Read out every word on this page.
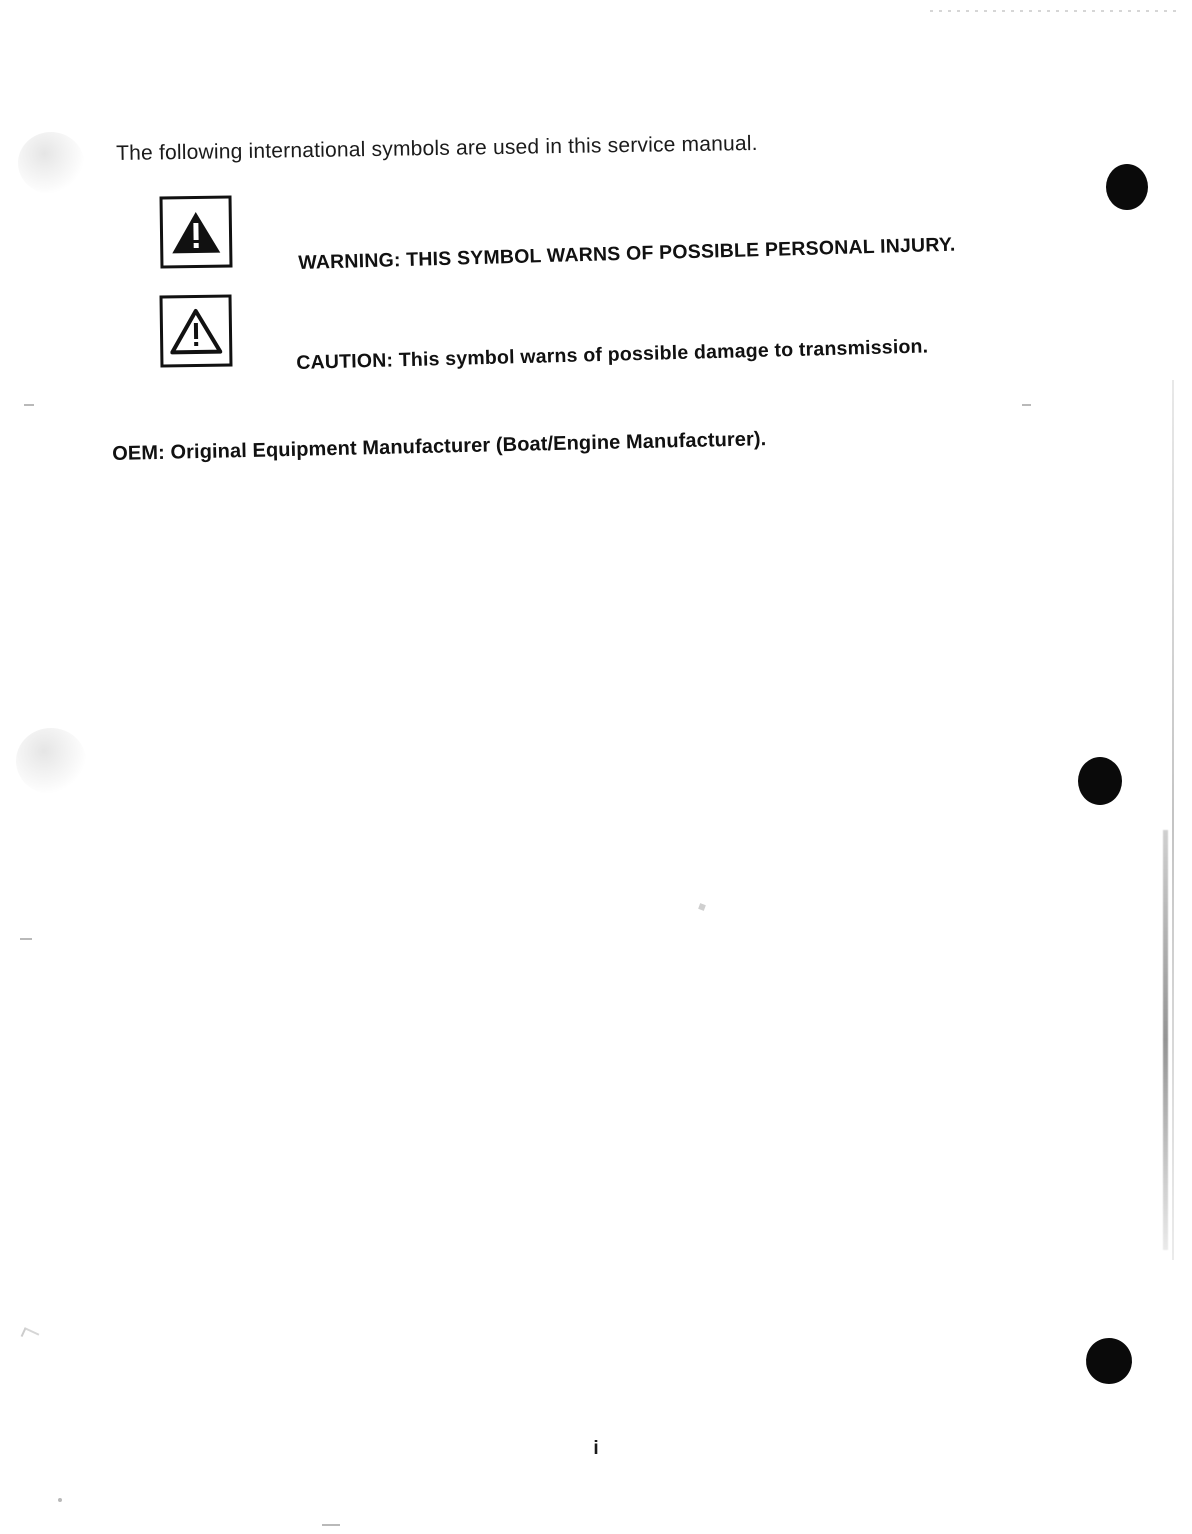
The following international symbols are used in this service manual.
WARNING: THIS SYMBOL WARNS OF POSSIBLE PERSONAL INJURY.
CAUTION: This symbol warns of possible damage to transmission.
OEM: Original Equipment Manufacturer (Boat/Engine Manufacturer).
i
